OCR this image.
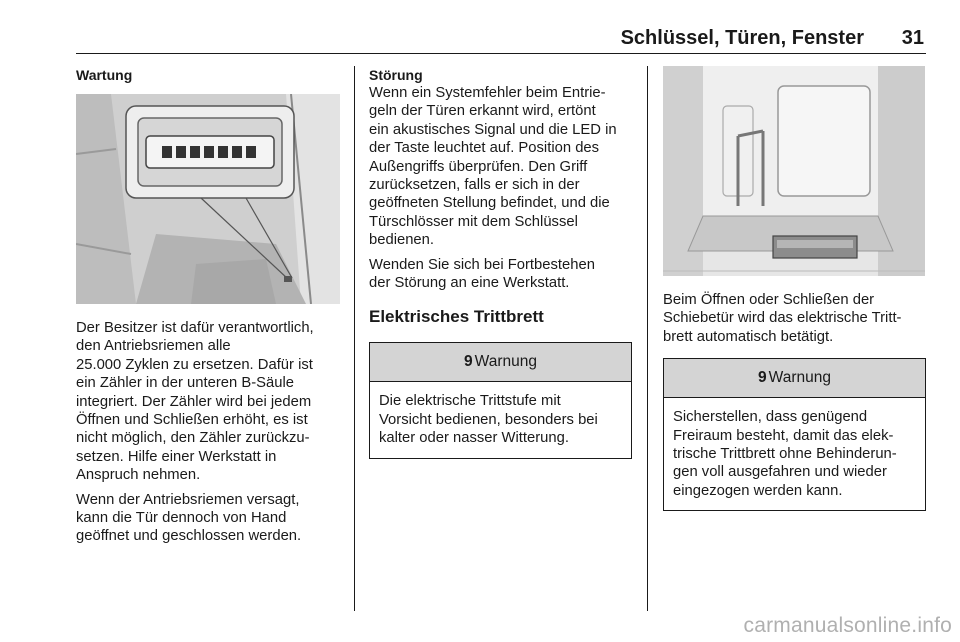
Schlüssel, Türen, Fenster 31

Wartung

Der Besitzer ist dafür verantwortlich,

den Antriebsriemen alle

25.000 Zyklen zu ersetzen. Dafür ist

ein Zähler in der unteren B-Säule

integriert. Der Zähler wird bei jedem

Öffnen und Schließen erhöht, es ist

nicht möglich, den Zähler zurückzu-

setzen. Hilfe einer Werkstatt in

Anspruch nehmen.

Wenn der Antriebsriemen versagt,

kann die Tür dennoch von Hand

geöffnet und geschlossen werden.

Störung

Wenn ein Systemfehler beim Entrie-

geln der Türen erkannt wird, ertönt

ein akustisches Signal und die LED in

der Taste leuchtet auf. Position des

Außengriffs überprüfen. Den Griff

zurücksetzen, falls er sich in der

geöffneten Stellung befindet, und die

Türschlösser mit dem Schlüssel

bedienen.

Wenden Sie sich bei Fortbestehen

der Störung an eine Werkstatt.

Elektrisches Trittbrett

9 Warnung

Die elektrische Trittstufe mit

Vorsicht bedienen, besonders bei

kalter oder nasser Witterung.

Beim Öffnen oder Schließen der

Schiebetür wird das elektrische Tritt-

brett automatisch betätigt.

9 Warnung

Sicherstellen, dass genügend

Freiraum besteht, damit das elek-

trische Trittbrett ohne Behinderun-

gen voll ausgefahren und wieder

eingezogen werden kann.

carmanualsonline.info
